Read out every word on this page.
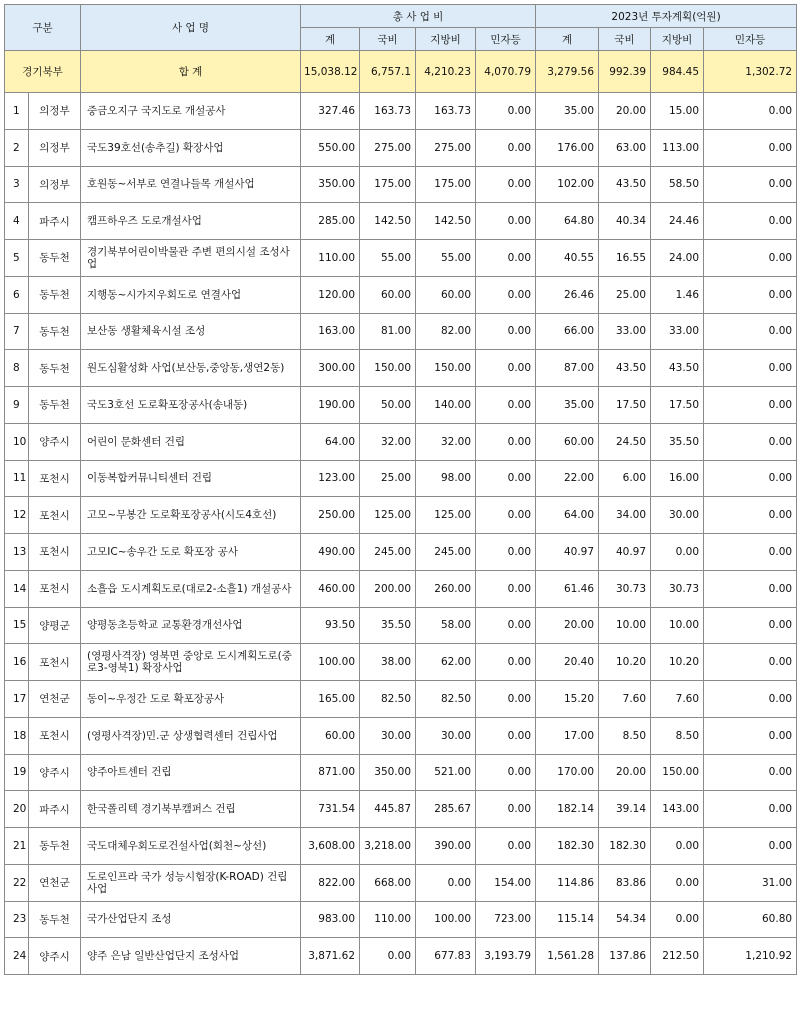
구분		사 업 명	총 사 업 비				2023년 투자계획(억원)			
			계	국비	지방비	민자등	계	국비	지방비	민자등
경기북부		합 계	15,038.12	6,757.1	4,210.23	4,070.79	3,279.56	992.39	984.45	1,302.72
1	의정부	중금오지구 국지도로 개설공사	327.46	163.73	163.73	0.00	35.00	20.00	15.00	0.00
2	의정부	국도39호선(송추길) 확장사업	550.00	275.00	275.00	0.00	176.00	63.00	113.00	0.00
3	의정부	호원동~서부로 연결나들목 개설사업	350.00	175.00	175.00	0.00	102.00	43.50	58.50	0.00
4	파주시	캠프하우즈 도로개설사업	285.00	142.50	142.50	0.00	64.80	40.34	24.46	0.00
5	동두천	경기북부어린이박물관 주변 편의시설 조성사업	110.00	55.00	55.00	0.00	40.55	16.55	24.00	0.00
6	동두천	지행동~시가지우회도로 연결사업	120.00	60.00	60.00	0.00	26.46	25.00	1.46	0.00
7	동두천	보산동 생활체육시설 조성	163.00	81.00	82.00	0.00	66.00	33.00	33.00	0.00
8	동두천	원도심활성화 사업(보산동,중앙동,생연2동)	300.00	150.00	150.00	0.00	87.00	43.50	43.50	0.00
9	동두천	국도3호선 도로확포장공사(송내동)	190.00	50.00	140.00	0.00	35.00	17.50	17.50	0.00
10	양주시	어린이 문화센터 건립	64.00	32.00	32.00	0.00	60.00	24.50	35.50	0.00
11	포천시	이동복합커뮤니티센터 건립	123.00	25.00	98.00	0.00	22.00	6.00	16.00	0.00
12	포천시	고모~무봉간 도로확포장공사(시도4호선)	250.00	125.00	125.00	0.00	64.00	34.00	30.00	0.00
13	포천시	고모IC~송우간 도로 확포장 공사	490.00	245.00	245.00	0.00	40.97	40.97	0.00	0.00
14	포천시	소흘읍 도시계획도로(대로2-소흘1) 개설공사	460.00	200.00	260.00	0.00	61.46	30.73	30.73	0.00
15	양평군	양평동초등학교 교통환경개선사업	93.50	35.50	58.00	0.00	20.00	10.00	10.00	0.00
16	포천시	(영평사격장) 영북면 중앙로 도시계획도로(중로3-영북1) 확장사업	100.00	38.00	62.00	0.00	20.40	10.20	10.20	0.00
17	연천군	동이~우정간 도로 확포장공사	165.00	82.50	82.50	0.00	15.20	7.60	7.60	0.00
18	포천시	(영평사격장)민.군 상생협력센터 건립사업	60.00	30.00	30.00	0.00	17.00	8.50	8.50	0.00
19	양주시	양주아트센터 건립	871.00	350.00	521.00	0.00	170.00	20.00	150.00	0.00
20	파주시	한국폴리텍 경기북부캠퍼스 건립	731.54	445.87	285.67	0.00	182.14	39.14	143.00	0.00
21	동두천	국도대체우회도로건설사업(회천~상선)	3,608.00	3,218.00	390.00	0.00	182.30	182.30	0.00	0.00
22	연천군	도로인프라 국가 성능시험장(K-ROAD) 건립사업	822.00	668.00	0.00	154.00	114.86	83.86	0.00	31.00
23	동두천	국가산업단지 조성	983.00	110.00	100.00	723.00	115.14	54.34	0.00	60.80
24	양주시	양주 은남 일반산업단지 조성사업	3,871.62	0.00	677.83	3,193.79	1,561.28	137.86	212.50	1,210.92
